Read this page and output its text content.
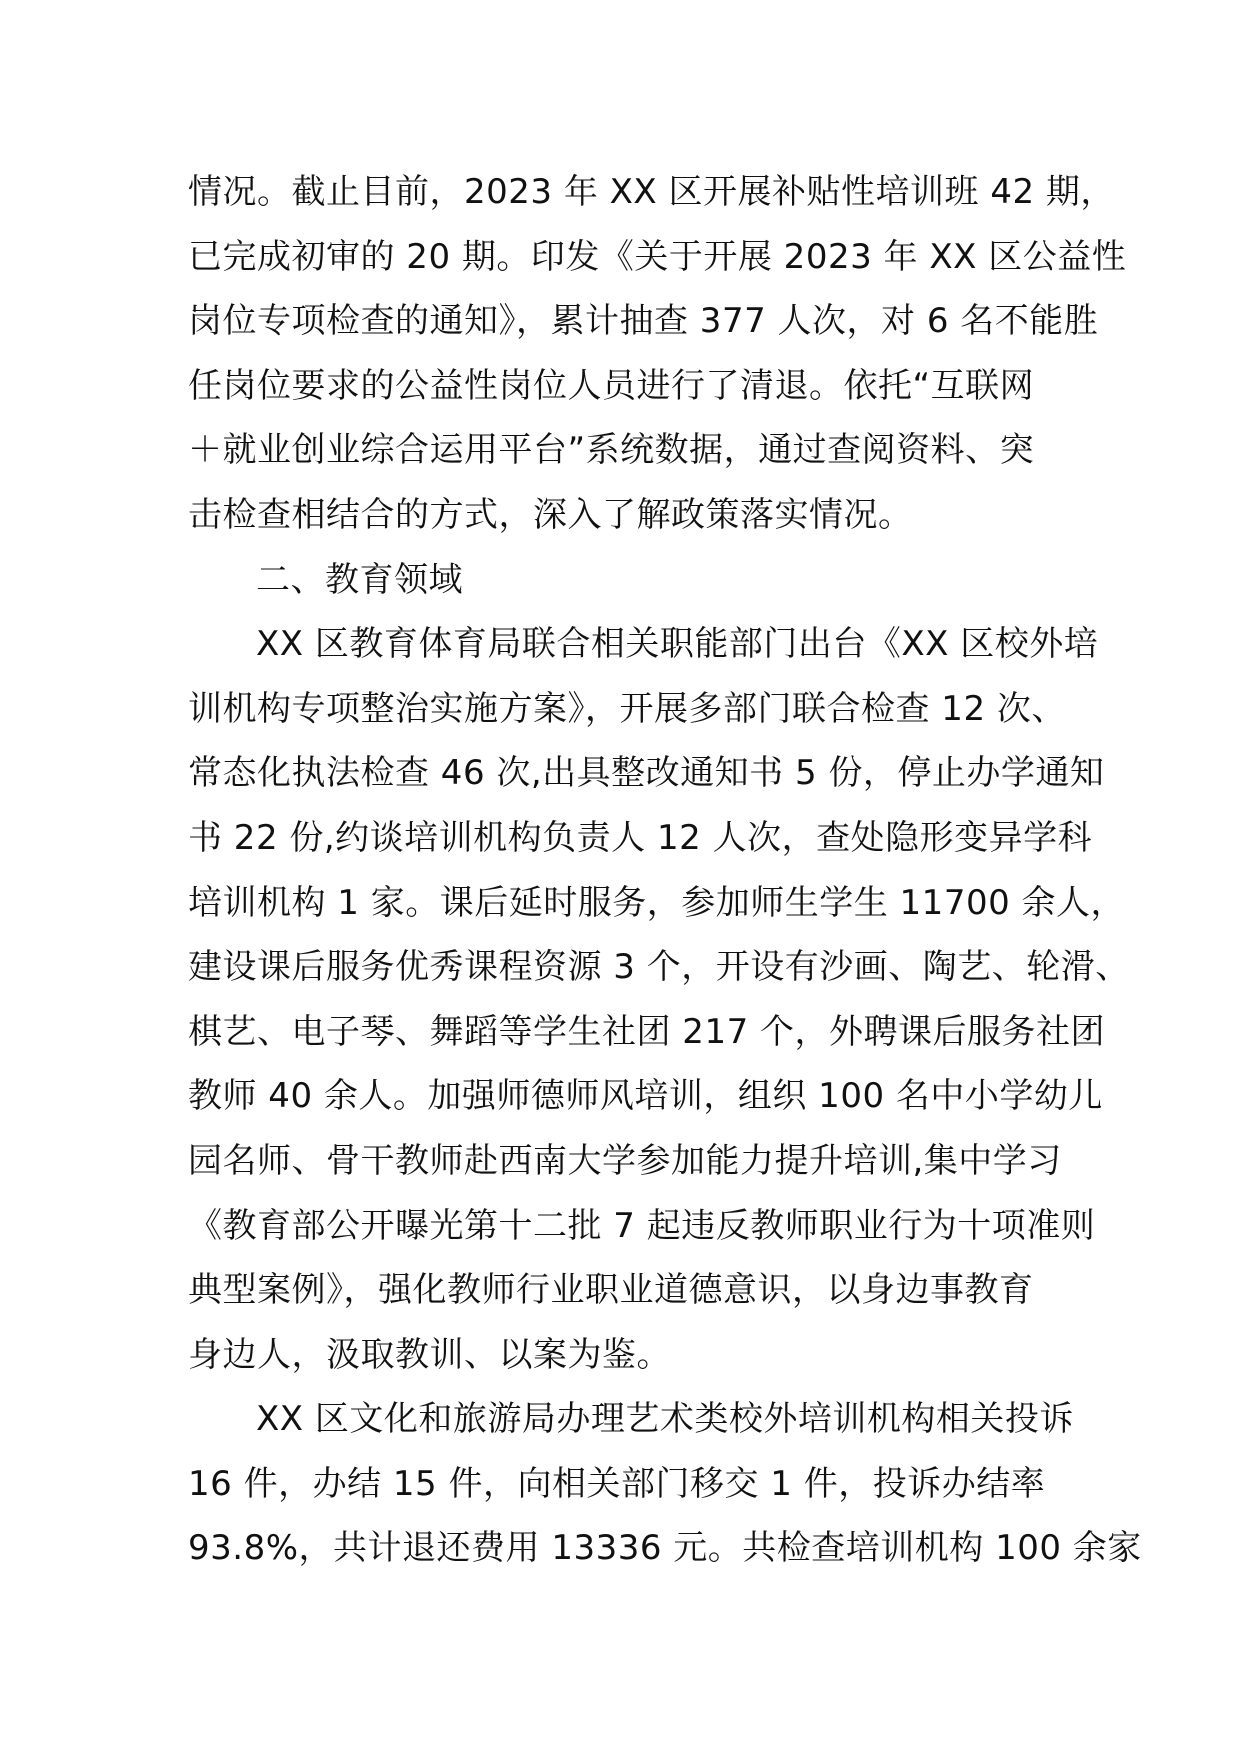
情况。截止目前，2023 年 XX 区开展补贴性培训班 42 期，
已完成初审的 20 期。印发《关于开展 2023 年 XX 区公益性
岗位专项检查的通知》，累计抽查 377 人次，对 6 名不能胜
任岗位要求的公益性岗位人员进行了清退。依托“互联网
＋就业创业综合运用平台”系统数据，通过查阅资料、突
击检查相结合的方式，深入了解政策落实情况。
二、教育领域
XX 区教育体育局联合相关职能部门出台《XX 区校外培
训机构专项整治实施方案》，开展多部门联合检查 12 次、
常态化执法检查 46 次,出具整改通知书 5 份，停止办学通知
书 22 份,约谈培训机构负责人 12 人次，查处隐形变异学科
培训机构 1 家。课后延时服务，参加师生学生 11700 余人，
建设课后服务优秀课程资源 3 个，开设有沙画、陶艺、轮滑、
棋艺、电子琴、舞蹈等学生社团 217 个，外聘课后服务社团
教师 40 余人。加强师德师风培训，组织 100 名中小学幼儿
园名师、骨干教师赴西南大学参加能力提升培训,集中学习
《教育部公开曝光第十二批 7 起违反教师职业行为十项准则
典型案例》，强化教师行业职业道德意识，以身边事教育
身边人，汲取教训、以案为鉴。
XX 区文化和旅游局办理艺术类校外培训机构相关投诉
16 件，办结 15 件，向相关部门移交 1 件，投诉办结率
93.8%，共计退还费用 13336 元。共检查培训机构 100 余家
